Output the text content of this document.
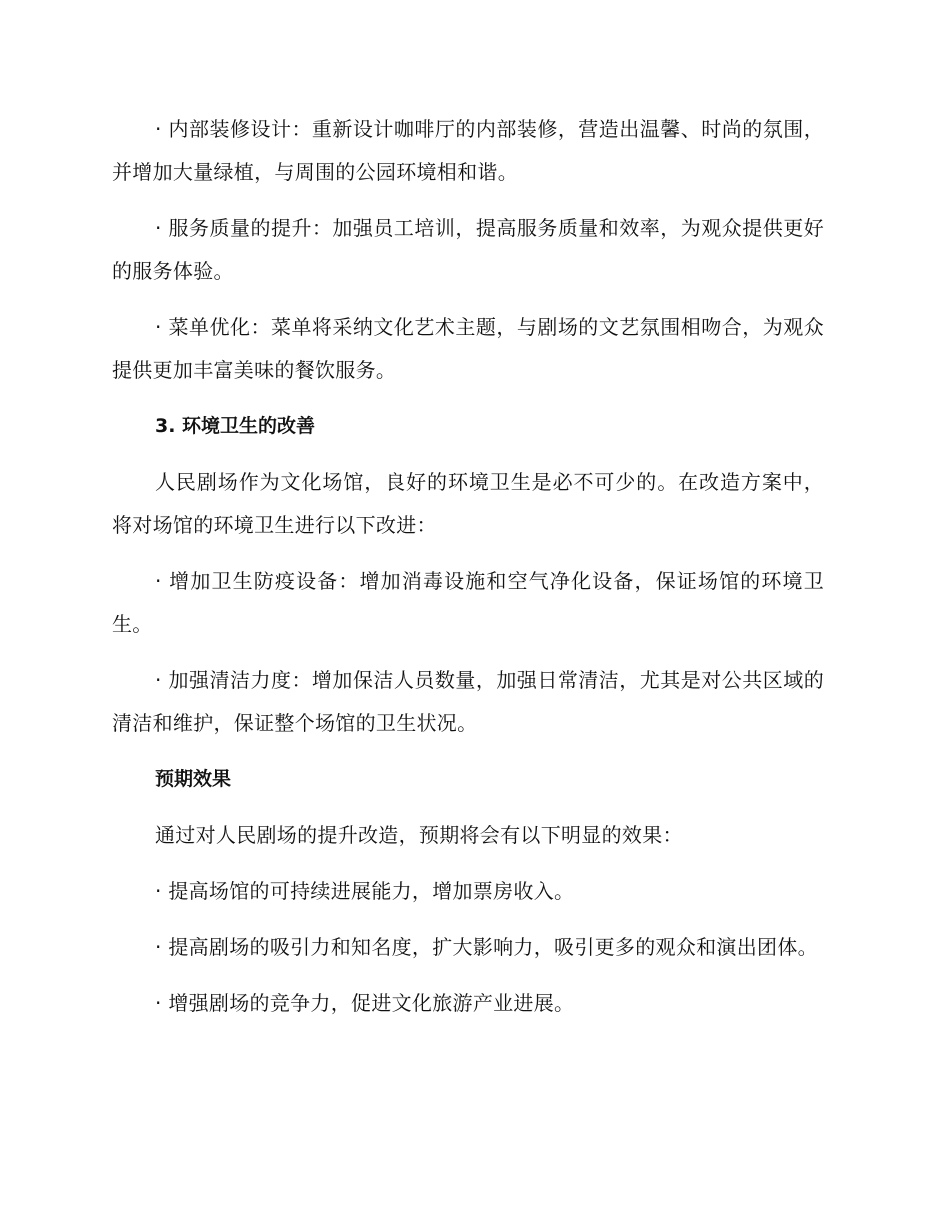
· 内部装修设计：重新设计咖啡厅的内部装修，营造出温馨、时尚的氛围，并增加大量绿植，与周围的公园环境相和谐。

· 服务质量的提升：加强员工培训，提高服务质量和效率，为观众提供更好的服务体验。

· 菜单优化：菜单将采纳文化艺术主题，与剧场的文艺氛围相吻合，为观众提供更加丰富美味的餐饮服务。

3. 环境卫生的改善

人民剧场作为文化场馆，良好的环境卫生是必不可少的。在改造方案中，将对场馆的环境卫生进行以下改进：

· 增加卫生防疫设备：增加消毒设施和空气净化设备，保证场馆的环境卫生。

· 加强清洁力度：增加保洁人员数量，加强日常清洁，尤其是对公共区域的清洁和维护，保证整个场馆的卫生状况。

预期效果

通过对人民剧场的提升改造，预期将会有以下明显的效果：

· 提高场馆的可持续进展能力，增加票房收入。

· 提高剧场的吸引力和知名度，扩大影响力，吸引更多的观众和演出团体。

· 增强剧场的竞争力，促进文化旅游产业进展。
